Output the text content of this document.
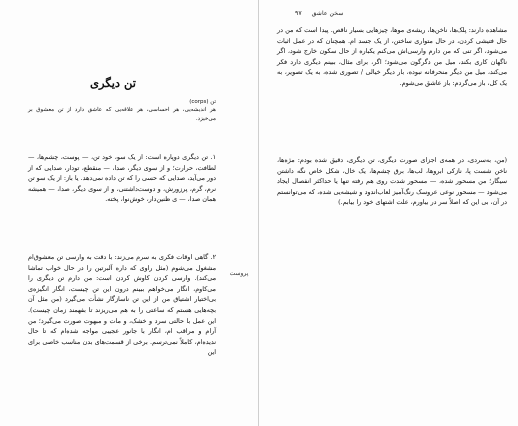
تن دیگری
تن (corps)
هر اندیشه‌یی، هر احساسی، هر علاقه‌یی که عاشق دارد از تن معشوق بر می‌خیزد.
۱. تن دیگری دوپاره است: از یک سو، خود تن، — پوست، چشم‌ها، — لطافت، حرارت؛ و از سوی دیگر، صدا، — منقطع، تودار، صدایی که از دور می‌آید، صدایی که حسی را که تن داده نمی‌دهد. یا باز: از یک سو تن نرم، گرم، پرزورش، و دوست‌داشتنی، و از سوی دیگر، صدا، — همیشه همان صدا، — ی ظنین‌دار، خوش‌نوا، پخته.
۲. گاهی اوقات فکری به سرم می‌زند: با دقت به وارسی تن معشوق‌ام مشغول می‌شوم (مثل راوی که داره آلبرتین را در حال خواب تماشا می‌کند). وارسی کردن کاوش کردن است: من دارم تن دیگری را می‌کاوم، انگار می‌خواهم ببینم درون این تن چیست، انگار انگیزه‌ی بی‌اختیار اشتیاق من از این تن ناسازگار نشأت می‌گیرد (من مثل آن بچه‌هایی هستم که ساعتی را به هم می‌ریزند تا بفهمند زمان چیست). این عمل با حالتی سرد و خشک، و مات و مبهوت صورت می‌گیرد؛ من آرام و مراقب ام، انگار با جانور عجیبی مواجه شده‌ام که تا حال ندیده‌ام، کاملاً نمی‌ترسم. برخی از قسمت‌های بدن مناسب خاصی برای این
پروست
سخن عاشق ۹۷
مشاهده دارند: پلک‌ها، ناخن‌ها، ریشه‌ی موها، چیزهایی بسیار ناقص. پیدا است که من در حال فتیشی کردن، در حال متواری ساختن، از یک جسد ام. همچنان که در عمل اثبات می‌شود، اگر تنی که من دارم وارسی‌اش می‌کنم یکباره از حال سکون خارج شود، اگر ناگهان کاری بکند، میل من دگرگون می‌شود؛ اگر، برای مثال، ببینم دیگری دارد فکر می‌کند، میل من دیگر منحرفانه نبوده، بار دیگر خیالی / تصوری شده، به یک تصویر، به یک کل، باز می‌گردم: باز عاشق می‌شوم.
(من، به‌سردی، در همه‌ی اجزای صورت دیگری، تن دیگری، دقیق شده بودم: مژه‌ها، ناخن شست پا، نازکی ابروها، لب‌ها، برق چشم‌ها، یک خال، شکل خاص نگه داشتن سیگار؛ من مسحور شده، — مسحور شدت روی هم رفته تنها یا حداکثر انفصال ایجاد می‌شود — مسحور نوعی عروسک رنگ‌آمیز لعاب‌اندود و شیشه‌یی شده، که می‌توانستم در آن، بی این که اصلاً سر در بیاورم، علت اشتهای خود را بیابم.)
